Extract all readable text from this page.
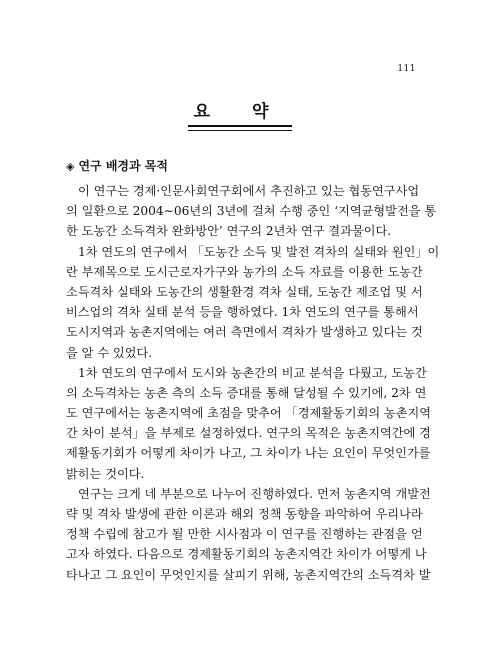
111
요 약
◈ 연구 배경과 목적
이 연구는 경제·인문사회연구회에서 추진하고 있는 협동연구사업
의 일환으로 2004∼06년의 3년에 걸쳐 수행 중인 ‘지역균형발전을 통
한 도농간 소득격차 완화방안’ 연구의 2년차 연구 결과물이다.
1차 연도의 연구에서 「도농간 소득 및 발전 격차의 실태와 원인」이
란 부제목으로 도시근로자가구와 농가의 소득 자료를 이용한 도농간
소득격차 실태와 도농간의 생활환경 격차 실태, 도농간 제조업 및 서
비스업의 격차 실태 분석 등을 행하였다. 1차 연도의 연구를 통해서
도시지역과 농촌지역에는 여러 측면에서 격차가 발생하고 있다는 것
을 알 수 있었다.
1차 연도의 연구에서 도시와 농촌간의 비교 분석을 다뤘고, 도농간
의 소득격차는 농촌 측의 소득 증대를 통해 달성될 수 있기에, 2차 연
도 연구에서는 농촌지역에 초점을 맞추어 「경제활동기회의 농촌지역
간 차이 분석」을 부제로 설정하였다. 연구의 목적은 농촌지역간에 경
제활동기회가 어떻게 차이가 나고, 그 차이가 나는 요인이 무엇인가를
밝히는 것이다.
연구는 크게 네 부분으로 나누어 진행하였다. 먼저 농촌지역 개발전
략 및 격차 발생에 관한 이론과 해외 정책 동향을 파악하여 우리나라
정책 수립에 참고가 될 만한 시사점과 이 연구를 진행하는 관점을 얻
고자 하였다. 다음으로 경제활동기회의 농촌지역간 차이가 어떻게 나
타나고 그 요인이 무엇인지를 살피기 위해, 농촌지역간의 소득격차 발
